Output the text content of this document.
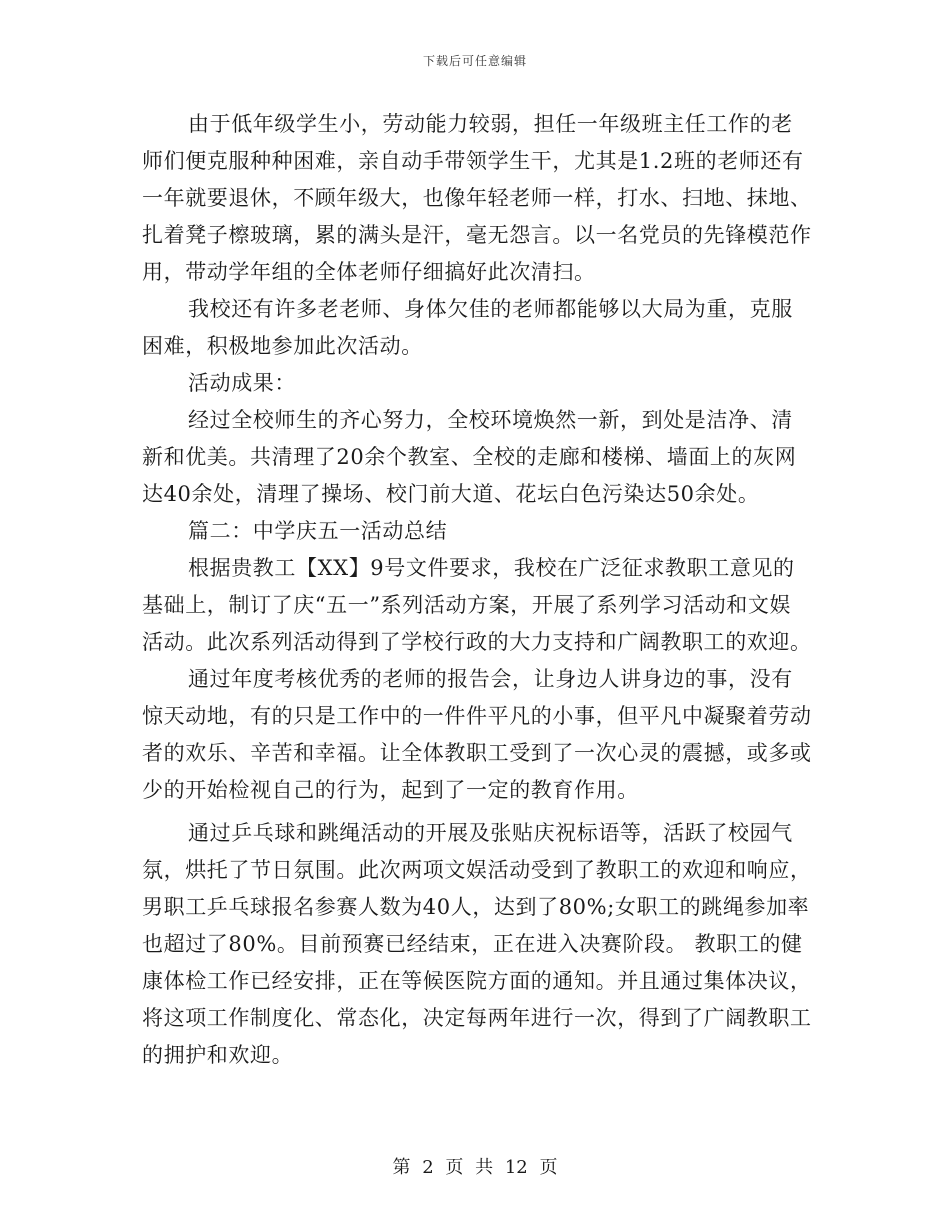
下载后可任意编辑

由于低年级学生小，劳动能力较弱，担任一年级班主任工作的老师们便克服种种困难，亲自动手带领学生干，尤其是1.2班的老师还有一年就要退休，不顾年级大，也像年轻老师一样，打水、扫地、抹地、扎着凳子檫玻璃，累的满头是汗，毫无怨言。以一名党员的先锋模范作用，带动学年组的全体老师仔细搞好此次清扫。

我校还有许多老老师、身体欠佳的老师都能够以大局为重，克服困难，积极地参加此次活动。

活动成果：

经过全校师生的齐心努力，全校环境焕然一新，到处是洁净、清新和优美。共清理了20余个教室、全校的走廊和楼梯、墙面上的灰网达40余处，清理了操场、校门前大道、花坛白色污染达50余处。

篇二：中学庆五一活动总结

根据贵教工【XX】9号文件要求，我校在广泛征求教职工意见的基础上，制订了庆“五一”系列活动方案，开展了系列学习活动和文娱活动。此次系列活动得到了学校行政的大力支持和广阔教职工的欢迎。

通过年度考核优秀的老师的报告会，让身边人讲身边的事，没有惊天动地，有的只是工作中的一件件平凡的小事，但平凡中凝聚着劳动者的欢乐、辛苦和幸福。让全体教职工受到了一次心灵的震撼，或多或少的开始检视自己的行为，起到了一定的教育作用。

通过乒乓球和跳绳活动的开展及张贴庆祝标语等，活跃了校园气氛，烘托了节日氛围。此次两项文娱活动受到了教职工的欢迎和响应，男职工乒乓球报名参赛人数为40人，达到了80%;女职工的跳绳参加率也超过了80%。目前预赛已经结束，正在进入决赛阶段。 教职工的健康体检工作已经安排，正在等候医院方面的通知。并且通过集体决议，将这项工作制度化、常态化，决定每两年进行一次，得到了广阔教职工的拥护和欢迎。

第 2 页 共 12 页
